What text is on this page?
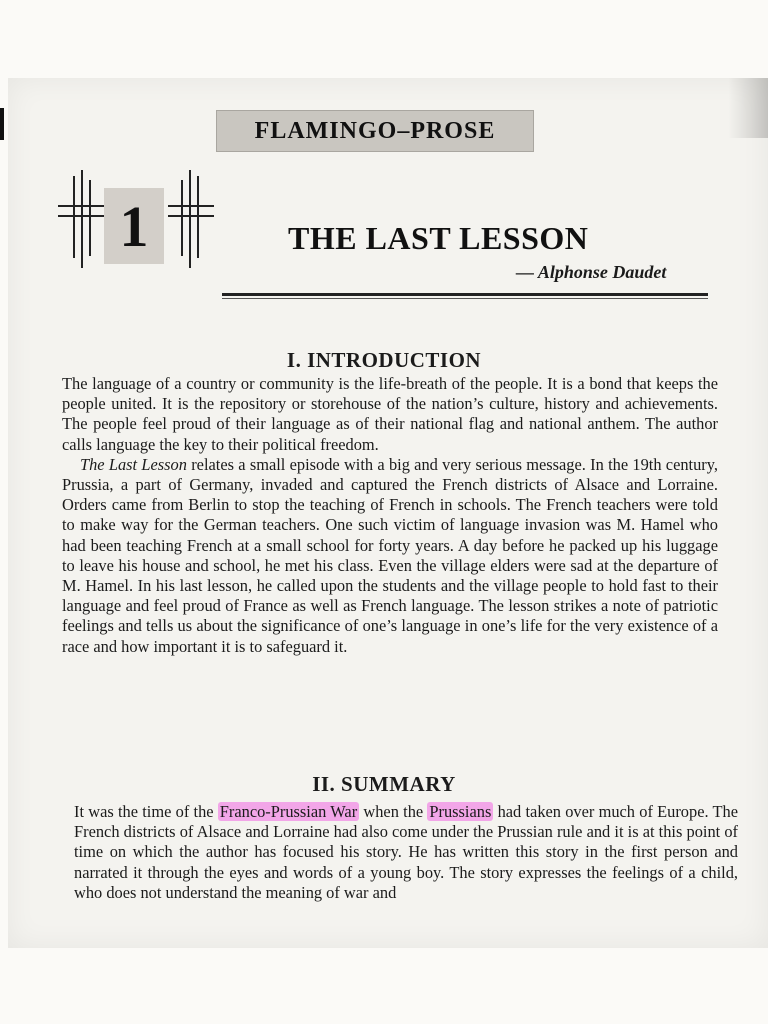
FLAMINGO–PROSE
1	THE LAST LESSON
— Alphonse Daudet
I. INTRODUCTION

The language of a country or community is the life-breath of the people. It is a bond that keeps the people united. It is the repository or storehouse of the nation’s culture, history and achievements. The people feel proud of their language as of their national flag and national anthem. The author calls language the key to their political freedom.

The Last Lesson relates a small episode with a big and very serious message. In the 19th century, Prussia, a part of Germany, invaded and captured the French districts of Alsace and Lorraine. Orders came from Berlin to stop the teaching of French in schools. The French teachers were told to make way for the German teachers. One such victim of language invasion was M. Hamel who had been teaching French at a small school for forty years. A day before he packed up his luggage to leave his house and school, he met his class. Even the village elders were sad at the departure of M. Hamel. In his last lesson, he called upon the students and the village people to hold fast to their language and feel proud of France as well as French language. The lesson strikes a note of patriotic feelings and tells us about the significance of one’s language in one’s life for the very existence of a race and how important it is to safeguard it.

II. SUMMARY

It was the time of the Franco-Prussian War when the Prussians had taken over much of Europe. The French districts of Alsace and Lorraine had also come under the Prussian rule and it is at this point of time on which the author has focused his story. He has written this story in the first person and narrated it through the eyes and words of a young boy. The story expresses the feelings of a child, who does not understand the meaning of war and
